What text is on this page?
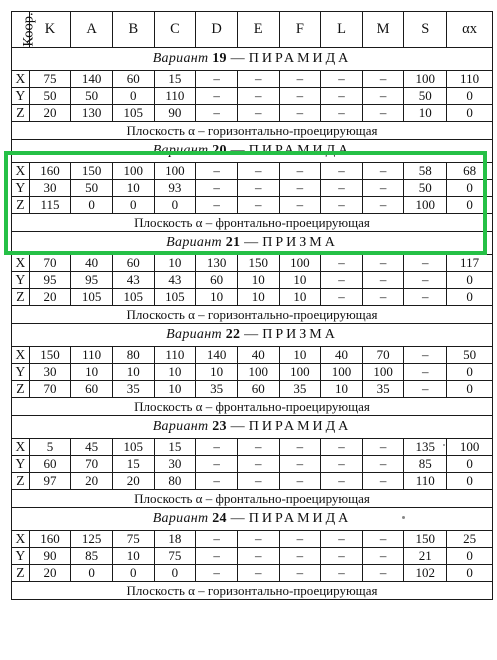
Коор.	K	A	B	C	D	E	F	L	M	S	αx
Вариант 19 — ПИРАМИДА											
X	75	140	60	15	–	–	–	–	–	100	110
Y	50	50	0	110	–	–	–	–	–	50	0
Z	20	130	105	90	–	–	–	–	–	10	0
Плоскость α – горизонтально-проецирующая											
Вариант 20 — ПИРАМИДА											
X	160	150	100	100	–	–	–	–	–	58	68
Y	30	50	10	93	–	–	–	–	–	50	0
Z	115	0	0	0	–	–	–	–	–	100	0
Плоскость α – фронтально-проецирующая											
Вариант 21 — ПРИЗМА											
X	70	40	60	10	130	150	100	–	–	–	117
Y	95	95	43	43	60	10	10	–	–	–	0
Z	20	105	105	105	10	10	10	–	–	–	0
Плоскость α – горизонтально-проецирующая											
Вариант 22 — ПРИЗМА											
X	150	110	80	110	140	40	10	40	70	–	50
Y	30	10	10	10	10	100	100	100	100	–	0
Z	70	60	35	10	35	60	35	10	35	–	0
Плоскость α – фронтально-проецирующая											
Вариант 23 — ПИРАМИДА											
X	5	45	105	15	–	–	–	–	–	135	100
Y	60	70	15	30	–	–	–	–	–	85	0
Z	97	20	20	80	–	–	–	–	–	110	0
Плоскость α – фронтально-проецирующая											
Вариант 24 — ПИРАМИДА											
X	160	125	75	18	–	–	–	–	–	150	25
Y	90	85	10	75	–	–	–	–	–	21	0
Z	20	0	0	0	–	–	–	–	–	102	0
Плоскость α – горизонтально-проецирующая											
